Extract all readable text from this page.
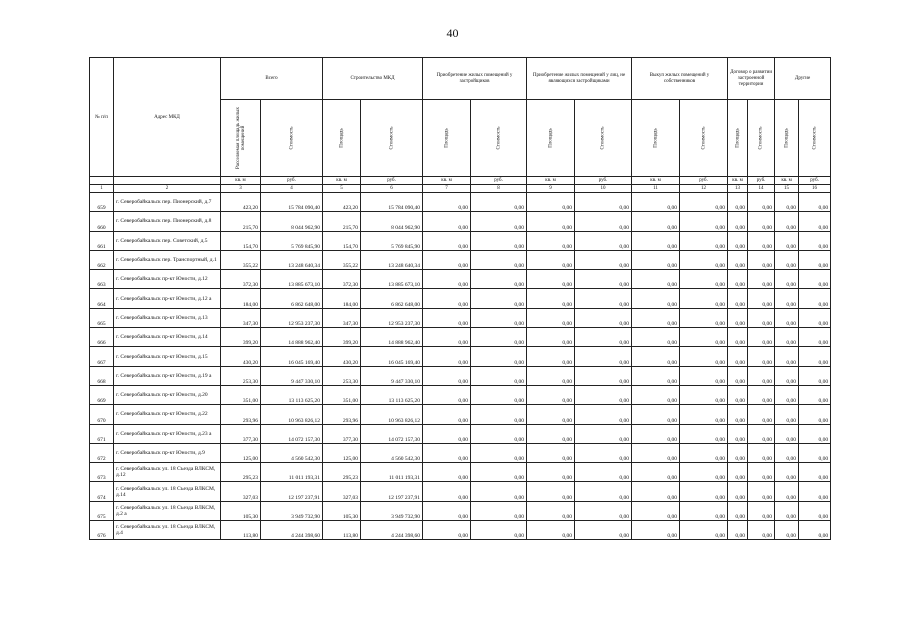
40
№ п/п	Адрес МКД	Всего		Строительство МКД		Приобретение жилых помещений у застройщиков		Приобретение жилых помещений у лиц, не являющихся застройщиками		Выкуп жилых помещений у собственников		Договор о развитии застроенной территории		Другие	

		Расселяемая площадь жилых помещений	Стоимость	Площадь	Стоимость	Площадь	Стоимость	Площадь	Стоимость	Площадь	Стоимость	Площадь	Стоимость	Площадь	Стоимость

		кв. м	руб.	кв. м	руб.	кв. м	руб.	кв. м	руб.	кв. м	руб.	кв. м	руб.	кв. м	руб.
1	2	3	4	5	6	7	8	9	10	11	12	13	14	15	16
659	г. Северобайкальск пер. Пионерский, д.7	423,20	15 784 090,40	423,20	15 784 090,40	0,00	0,00	0,00	0,00	0,00	0,00	0,00	0,00	0,00	0,00
660	г. Северобайкальск пер. Пионерский, д.8	215,70	8 044 962,90	215,70	8 044 962,90	0,00	0,00	0,00	0,00	0,00	0,00	0,00	0,00	0,00	0,00
661	г. Северобайкальск пер. Советский, д.5	154,70	5 769 845,90	154,70	5 769 845,90	0,00	0,00	0,00	0,00	0,00	0,00	0,00	0,00	0,00	0,00
662	г. Северобайкальск пер. Транспортный, д.1	355,22	13 248 640,34	355,22	13 248 640,34	0,00	0,00	0,00	0,00	0,00	0,00	0,00	0,00	0,00	0,00
663	г. Северобайкальск пр-кт Юности, д.12	372,30	13 885 673,10	372,30	13 885 673,10	0,00	0,00	0,00	0,00	0,00	0,00	0,00	0,00	0,00	0,00
664	г. Северобайкальск пр-кт Юности, д.12 а	184,00	6 862 648,00	184,00	6 862 648,00	0,00	0,00	0,00	0,00	0,00	0,00	0,00	0,00	0,00	0,00
665	г. Северобайкальск пр-кт Юности, д.13	347,30	12 953 237,30	347,30	12 953 237,30	0,00	0,00	0,00	0,00	0,00	0,00	0,00	0,00	0,00	0,00
666	г. Северобайкальск пр-кт Юности, д.14	399,20	14 888 962,40	399,20	14 888 962,40	0,00	0,00	0,00	0,00	0,00	0,00	0,00	0,00	0,00	0,00
667	г. Северобайкальск пр-кт Юности, д.15	430,20	16 045 169,40	430,20	16 045 169,40	0,00	0,00	0,00	0,00	0,00	0,00	0,00	0,00	0,00	0,00
668	г. Северобайкальск пр-кт Юности, д.19 а	253,30	9 447 330,10	253,30	9 447 330,10	0,00	0,00	0,00	0,00	0,00	0,00	0,00	0,00	0,00	0,00
669	г. Северобайкальск пр-кт Юности, д.20	351,00	13 113 625,20	351,00	13 113 625,20	0,00	0,00	0,00	0,00	0,00	0,00	0,00	0,00	0,00	0,00
670	г. Северобайкальск пр-кт Юности, д.22	293,96	10 963 826,12	293,96	10 963 826,12	0,00	0,00	0,00	0,00	0,00	0,00	0,00	0,00	0,00	0,00
671	г. Северобайкальск пр-кт Юности, д.23 а	377,30	14 072 157,30	377,30	14 072 157,30	0,00	0,00	0,00	0,00	0,00	0,00	0,00	0,00	0,00	0,00
672	г. Северобайкальск пр-кт Юности, д.9	125,00	4 560 542,30	125,00	4 560 542,30	0,00	0,00	0,00	0,00	0,00	0,00	0,00	0,00	0,00	0,00
673	г. Северобайкальск ул. 18 Съезда ВЛКСМ, д.12	295,23	11 011 193,31	295,23	11 011 193,31	0,00	0,00	0,00	0,00	0,00	0,00	0,00	0,00	0,00	0,00
674	г. Северобайкальск ул. 18 Съезда ВЛКСМ, д.14	327,03	12 197 237,91	327,03	12 197 237,91	0,00	0,00	0,00	0,00	0,00	0,00	0,00	0,00	0,00	0,00
675	г. Северобайкальск ул. 18 Съезда ВЛКСМ, д.2 а	105,30	3 949 732,90	105,30	3 949 732,90	0,00	0,00	0,00	0,00	0,00	0,00	0,00	0,00	0,00	0,00
676	г. Северобайкальск ул. 18 Съезда ВЛКСМ, д.4	113,80	4 244 398,60	113,80	4 244 398,60	0,00	0,00	0,00	0,00	0,00	0,00	0,00	0,00	0,00	0,00
